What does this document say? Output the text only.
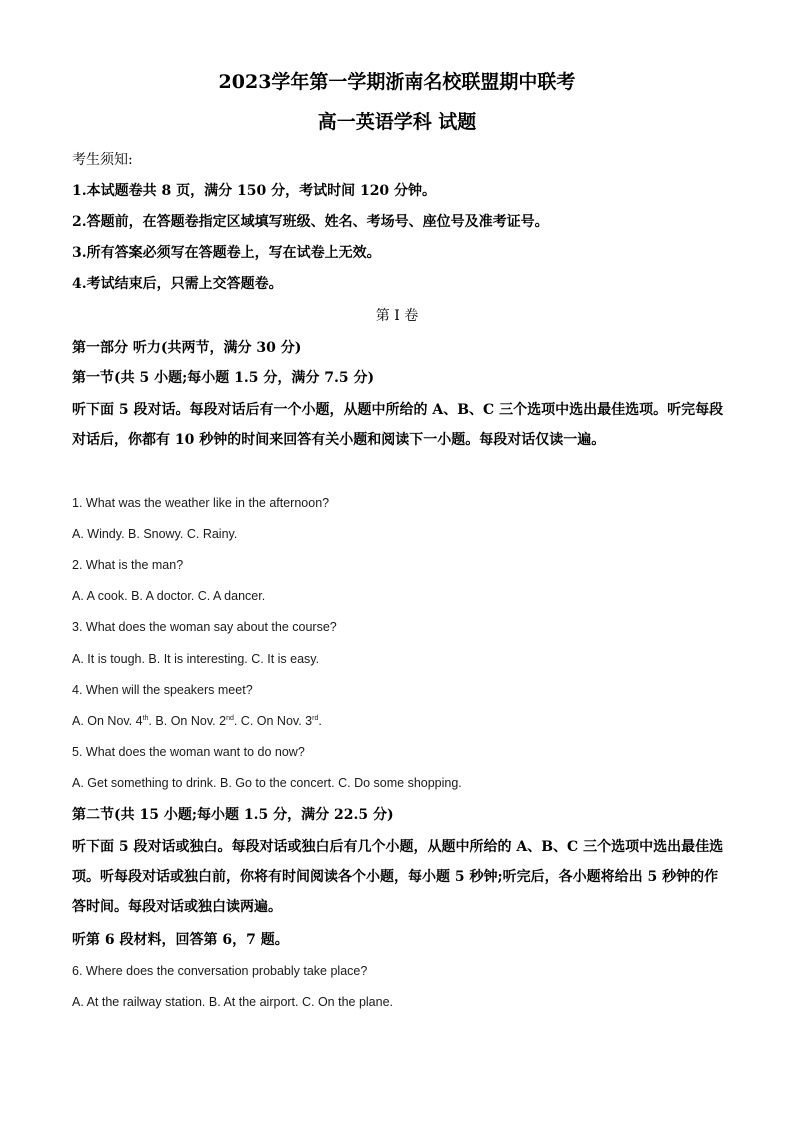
2023学年第一学期浙南名校联盟期中联考
高一英语学科 试题

考生须知:

1.本试题卷共 8 页，满分 150 分，考试时间 120 分钟。

2.答题前，在答题卷指定区域填写班级、姓名、考场号、座位号及准考证号。

3.所有答案必须写在答题卷上，写在试卷上无效。

4.考试结束后，只需上交答题卷。

第 I 卷

第一部分 听力(共两节，满分 30 分)

第一节(共 5 小题;每小题 1.5 分，满分 7.5 分)

听下面 5 段对话。每段对话后有一个小题，从题中所给的 A、B、C 三个选项中选出最佳选项。听完每段对话后，你都有 10 秒钟的时间来回答有关小题和阅读下一小题。每段对话仅读一遍。

1. What was the weather like in the afternoon?

A. Windy. B. Snowy. C. Rainy.

2. What is the man?

A. A cook. B. A doctor. C. A dancer.

3. What does the woman say about the course?

A. It is tough. B. It is interesting. C. It is easy.

4. When will the speakers meet?

A. On Nov. 4th. B. On Nov. 2nd. C. On Nov. 3rd.

5. What does the woman want to do now?

A. Get something to drink. B. Go to the concert. C. Do some shopping.

第二节(共 15 小题;每小题 1.5 分，满分 22.5 分)

听下面 5 段对话或独白。每段对话或独白后有几个小题，从题中所给的 A、B、C 三个选项中选出最佳选项。听每段对话或独白前，你将有时间阅读各个小题，每小题 5 秒钟;听完后，各小题将给出 5 秒钟的作答时间。每段对话或独白读两遍。

听第 6 段材料，回答第 6，7 题。

6. Where does the conversation probably take place?

A. At the railway station. B. At the airport. C. On the plane.
